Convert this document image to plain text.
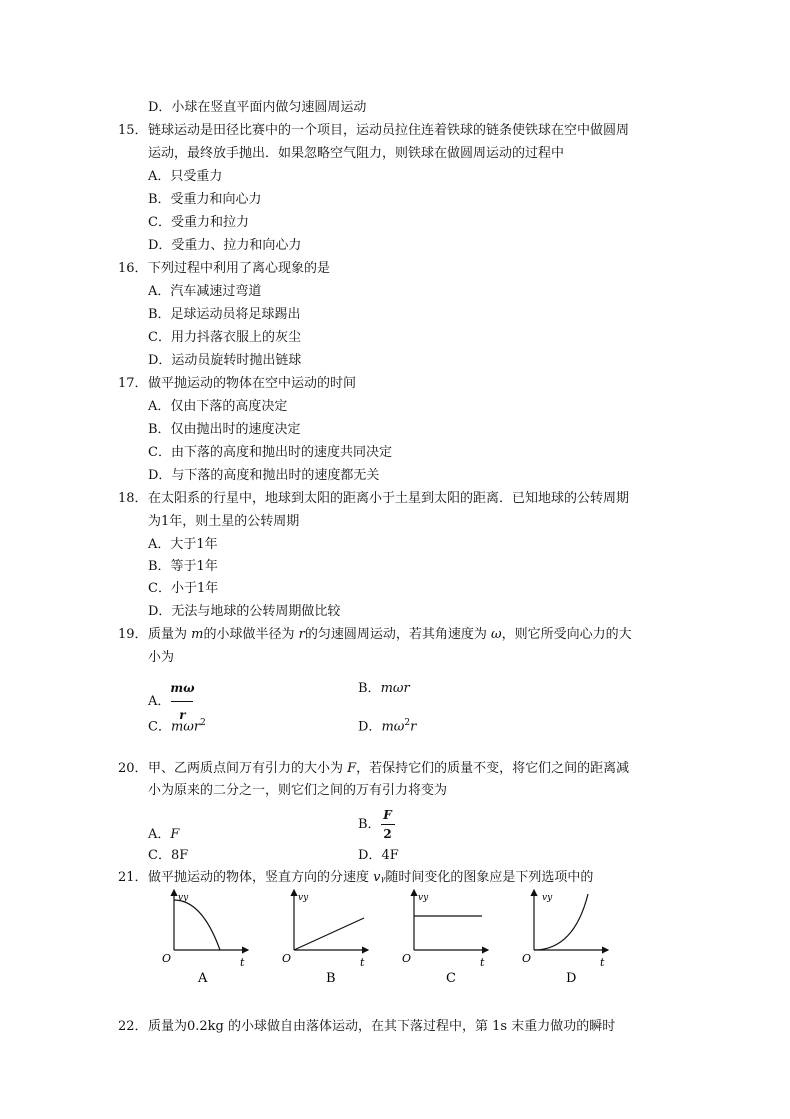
D．小球在竖直平面内做匀速圆周运动
15．链球运动是田径比赛中的一个项目，运动员拉住连着铁球的链条使铁球在空中做圆周
运动，最终放手抛出．如果忽略空气阻力，则铁球在做圆周运动的过程中
A．只受重力
B．受重力和向心力
C．受重力和拉力
D．受重力、拉力和向心力
16．下列过程中利用了离心现象的是
A．汽车减速过弯道
B．足球运动员将足球踢出
C．用力抖落衣服上的灰尘
D．运动员旋转时抛出链球
17．做平抛运动的物体在空中运动的时间
A．仅由下落的高度决定
B．仅由抛出时的速度决定
C．由下落的高度和抛出时的速度共同决定
D．与下落的高度和抛出时的速度都无关
18．在太阳系的行星中，地球到太阳的距离小于土星到太阳的距离．已知地球的公转周期
为1年，则土星的公转周期
A．大于1年
B．等于1年
C．小于1年
D．无法与地球的公转周期做比较
19．质量为 m的小球做半径为 r的匀速圆周运动，若其角速度为 ω，则它所受向心力的大
小为
A． $\frac{m\omega}{r}$	B．mωr
C．mωr$^2$	D．$m\omega^2r$
20．甲、乙两质点间万有引力的大小为 F，若保持它们的质量不变，将它们之间的距离减
小为原来的二分之一，则它们之间的万有引力将变为
A．F
B． $\frac{F}{2}$
C．8F	D．4F
21．做平抛运动的物体，竖直方向的分速度 vᵧ随时间变化的图象应是下列选项中的
vy
O	t
A
vy
O	t
B
vy
O	t
C
vy
O	t
D
22．质量为0.2kg 的小球做自由落体运动，在其下落过程中，第 1s 末重力做功的瞬时
